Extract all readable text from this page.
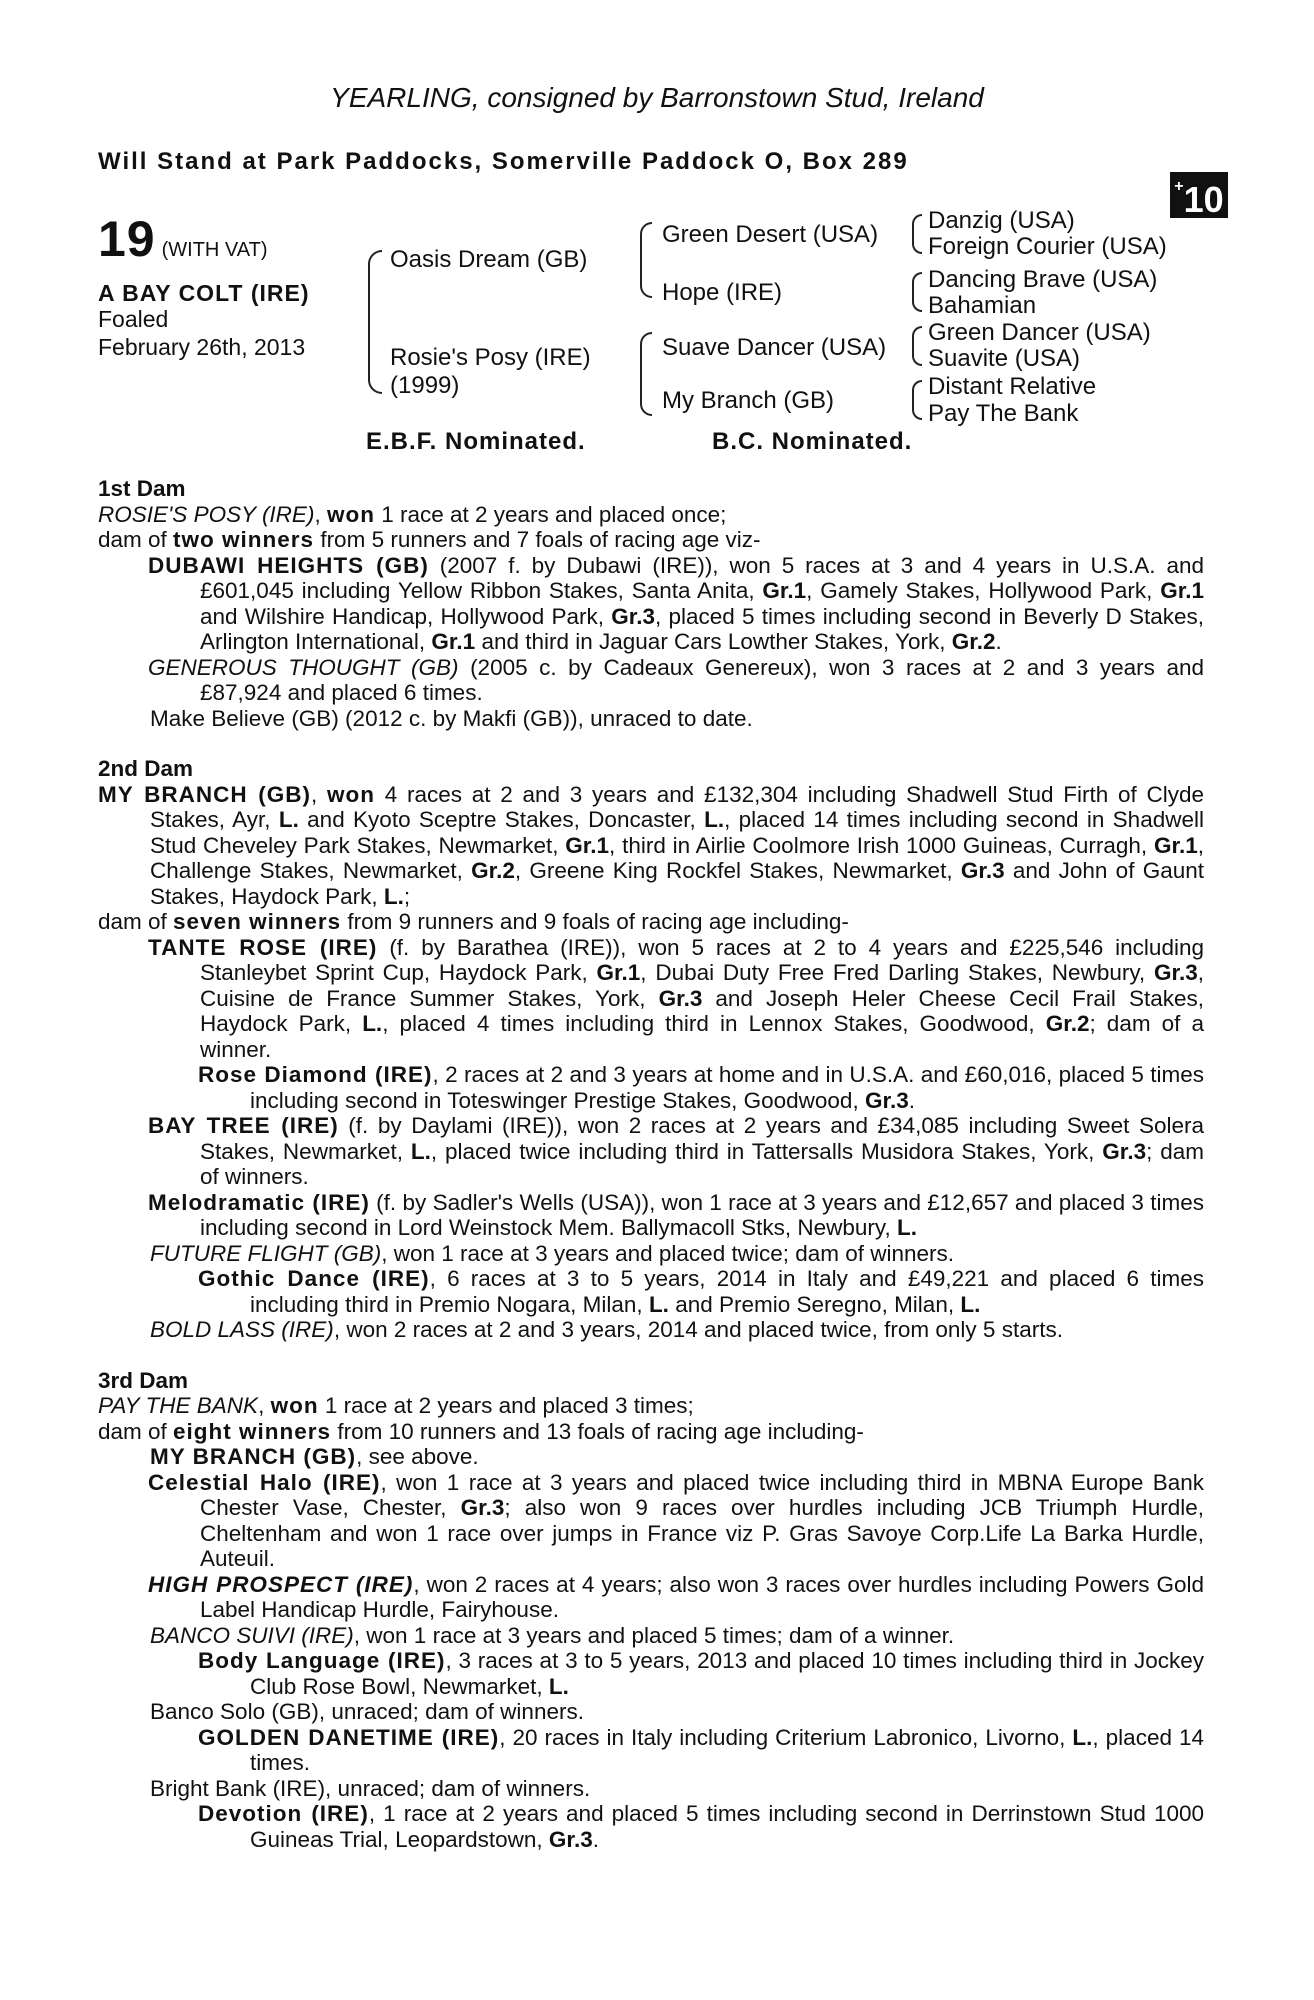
YEARLING, consigned by Barronstown Stud, Ireland
Will Stand at Park Paddocks, Somerville Paddock O, Box 289
+10
19 (WITH VAT)
A BAY COLT (IRE)
Foaled
February 26th, 2013
Oasis Dream (GB)
Rosie's Posy (IRE)
(1999)
Green Desert (USA)
Hope (IRE)
Suave Dancer (USA)
My Branch (GB)
Danzig (USA)
Foreign Courier (USA)
Dancing Brave (USA)
Bahamian
Green Dancer (USA)
Suavite (USA)
Distant Relative
Pay The Bank
E.B.F. Nominated.	B.C. Nominated.

1st Dam

ROSIE'S POSY (IRE), won 1 race at 2 years and placed once;

dam of two winners from 5 runners and 7 foals of racing age viz-

DUBAWI HEIGHTS (GB) (2007 f. by Dubawi (IRE)), won 5 races at 3 and 4 years in U.S.A. and £601,045 including Yellow Ribbon Stakes, Santa Anita, Gr.1, Gamely Stakes, Hollywood Park, Gr.1 and Wilshire Handicap, Hollywood Park, Gr.3, placed 5 times including second in Beverly D Stakes, Arlington International, Gr.1 and third in Jaguar Cars Lowther Stakes, York, Gr.2.

GENEROUS THOUGHT (GB) (2005 c. by Cadeaux Genereux), won 3 races at 2 and 3 years and £87,924 and placed 6 times.

Make Believe (GB) (2012 c. by Makfi (GB)), unraced to date.

2nd Dam

MY BRANCH (GB), won 4 races at 2 and 3 years and £132,304 including Shadwell Stud Firth of Clyde Stakes, Ayr, L. and Kyoto Sceptre Stakes, Doncaster, L., placed 14 times including second in Shadwell Stud Cheveley Park Stakes, Newmarket, Gr.1, third in Airlie Coolmore Irish 1000 Guineas, Curragh, Gr.1, Challenge Stakes, Newmarket, Gr.2, Greene King Rockfel Stakes, Newmarket, Gr.3 and John of Gaunt Stakes, Haydock Park, L.;

dam of seven winners from 9 runners and 9 foals of racing age including-

TANTE ROSE (IRE) (f. by Barathea (IRE)), won 5 races at 2 to 4 years and £225,546 including Stanleybet Sprint Cup, Haydock Park, Gr.1, Dubai Duty Free Fred Darling Stakes, Newbury, Gr.3, Cuisine de France Summer Stakes, York, Gr.3 and Joseph Heler Cheese Cecil Frail Stakes, Haydock Park, L., placed 4 times including third in Lennox Stakes, Goodwood, Gr.2; dam of a winner.

Rose Diamond (IRE), 2 races at 2 and 3 years at home and in U.S.A. and £60,016, placed 5 times including second in Toteswinger Prestige Stakes, Goodwood, Gr.3.

BAY TREE (IRE) (f. by Daylami (IRE)), won 2 races at 2 years and £34,085 including Sweet Solera Stakes, Newmarket, L., placed twice including third in Tattersalls Musidora Stakes, York, Gr.3; dam of winners.

Melodramatic (IRE) (f. by Sadler's Wells (USA)), won 1 race at 3 years and £12,657 and placed 3 times including second in Lord Weinstock Mem. Ballymacoll Stks, Newbury, L.

FUTURE FLIGHT (GB), won 1 race at 3 years and placed twice; dam of winners.

Gothic Dance (IRE), 6 races at 3 to 5 years, 2014 in Italy and £49,221 and placed 6 times including third in Premio Nogara, Milan, L. and Premio Seregno, Milan, L.

BOLD LASS (IRE), won 2 races at 2 and 3 years, 2014 and placed twice, from only 5 starts.

3rd Dam

PAY THE BANK, won 1 race at 2 years and placed 3 times;

dam of eight winners from 10 runners and 13 foals of racing age including-

MY BRANCH (GB), see above.

Celestial Halo (IRE), won 1 race at 3 years and placed twice including third in MBNA Europe Bank Chester Vase, Chester, Gr.3; also won 9 races over hurdles including JCB Triumph Hurdle, Cheltenham and won 1 race over jumps in France viz P. Gras Savoye Corp.Life La Barka Hurdle, Auteuil.

HIGH PROSPECT (IRE), won 2 races at 4 years; also won 3 races over hurdles including Powers Gold Label Handicap Hurdle, Fairyhouse.

BANCO SUIVI (IRE), won 1 race at 3 years and placed 5 times; dam of a winner.

Body Language (IRE), 3 races at 3 to 5 years, 2013 and placed 10 times including third in Jockey Club Rose Bowl, Newmarket, L.

Banco Solo (GB), unraced; dam of winners.

GOLDEN DANETIME (IRE), 20 races in Italy including Criterium Labronico, Livorno, L., placed 14 times.

Bright Bank (IRE), unraced; dam of winners.

Devotion (IRE), 1 race at 2 years and placed 5 times including second in Derrinstown Stud 1000 Guineas Trial, Leopardstown, Gr.3.
